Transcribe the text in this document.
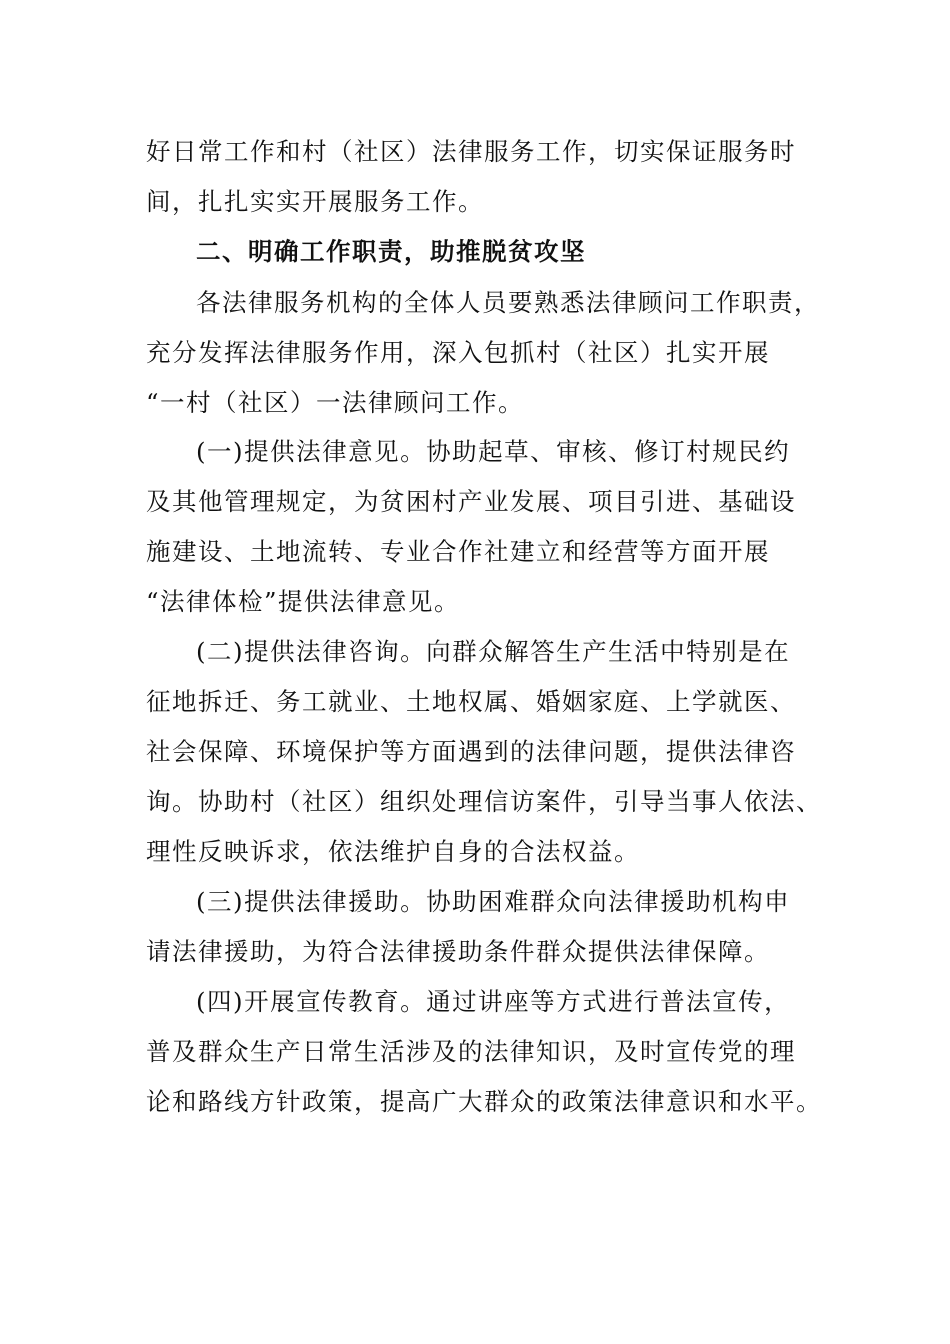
好日常工作和村（社区）法律服务工作，切实保证服务时
间，扎扎实实开展服务工作。
二、明确工作职责，助推脱贫攻坚
各法律服务机构的全体人员要熟悉法律顾问工作职责，
充分发挥法律服务作用，深入包抓村（社区）扎实开展
“一村（社区）一法律顾问工作。
(一)提供法律意见。协助起草、审核、修订村规民约
及其他管理规定，为贫困村产业发展、项目引进、基础设
施建设、土地流转、专业合作社建立和经营等方面开展
“法律体检”提供法律意见。
(二)提供法律咨询。向群众解答生产生活中特别是在
征地拆迁、务工就业、土地权属、婚姻家庭、上学就医、
社会保障、环境保护等方面遇到的法律问题，提供法律咨
询。协助村（社区）组织处理信访案件，引导当事人依法、
理性反映诉求，依法维护自身的合法权益。
(三)提供法律援助。协助困难群众向法律援助机构申
请法律援助，为符合法律援助条件群众提供法律保障。
(四)开展宣传教育。通过讲座等方式进行普法宣传，
普及群众生产日常生活涉及的法律知识，及时宣传党的理
论和路线方针政策，提高广大群众的政策法律意识和水平。
